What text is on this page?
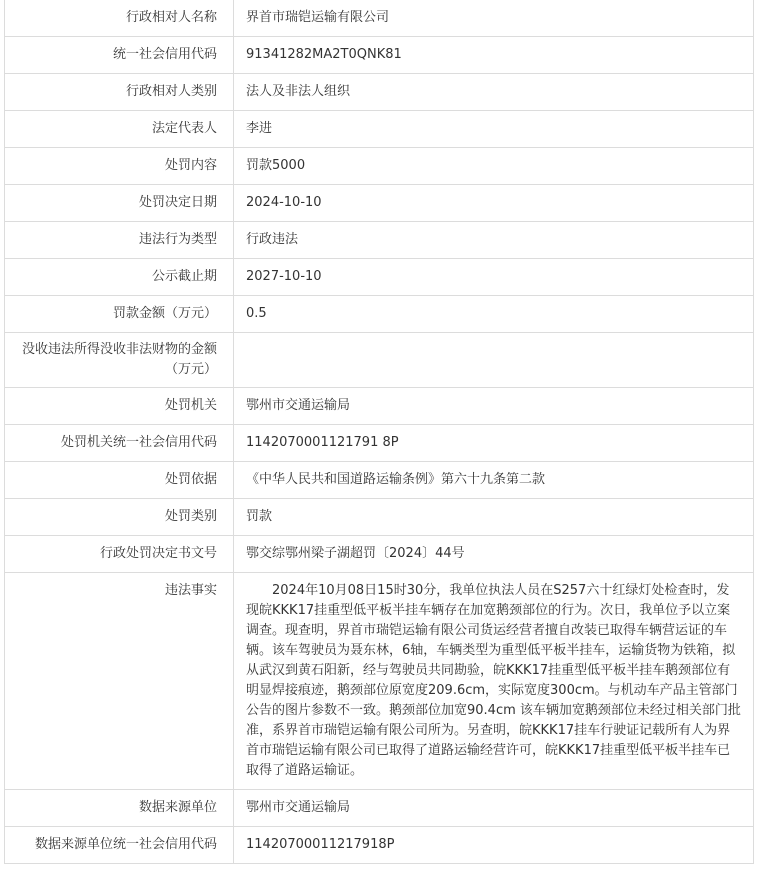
行政相对人名称	界首市瑞铠运输有限公司
统一社会信用代码	91341282MA2T0QNK81
行政相对人类别	法人及非法人组织
法定代表人	李进
处罚内容	罚款5000
处罚决定日期	2024-10-10
违法行为类型	行政违法
公示截止期	2027-10-10
罚款金额（万元）	0.5
没收违法所得没收非法财物的金额（万元）	
处罚机关	鄂州市交通运输局
处罚机关统一社会信用代码	1142070001121791 8P
处罚依据	《中华人民共和国道路运输条例》第六十九条第二款
处罚类别	罚款
行政处罚决定书文号	鄂交综鄂州梁子湖超罚〔2024〕44号
违法事实	2024年10月08日15时30分，我单位执法人员在S257六十红绿灯处检查时，发现皖KKK17挂重型低平板半挂车辆存在加宽鹅颈部位的行为。次日，我单位予以立案调查。现查明，界首市瑞铠运输有限公司货运经营者擅自改装已取得车辆营运证的车辆。该车驾驶员为聂东林，6轴，车辆类型为重型低平板半挂车，运输货物为铁箱，拟从武汉到黄石阳新，经与驾驶员共同勘验，皖KKK17挂重型低平板半挂车鹅颈部位有明显焊接痕迹，鹅颈部位原宽度209.6cm，实际宽度300cm。与机动车产品主管部门公告的图片参数不一致。鹅颈部位加宽90.4cm 该车辆加宽鹅颈部位未经过相关部门批准，系界首市瑞铠运输有限公司所为。另查明，皖KKK17挂车行驶证记载所有人为界首市瑞铠运输有限公司已取得了道路运输经营许可，皖KKK17挂重型低平板半挂车已取得了道路运输证。
数据来源单位	鄂州市交通运输局
数据来源单位统一社会信用代码	11420700011217918P
